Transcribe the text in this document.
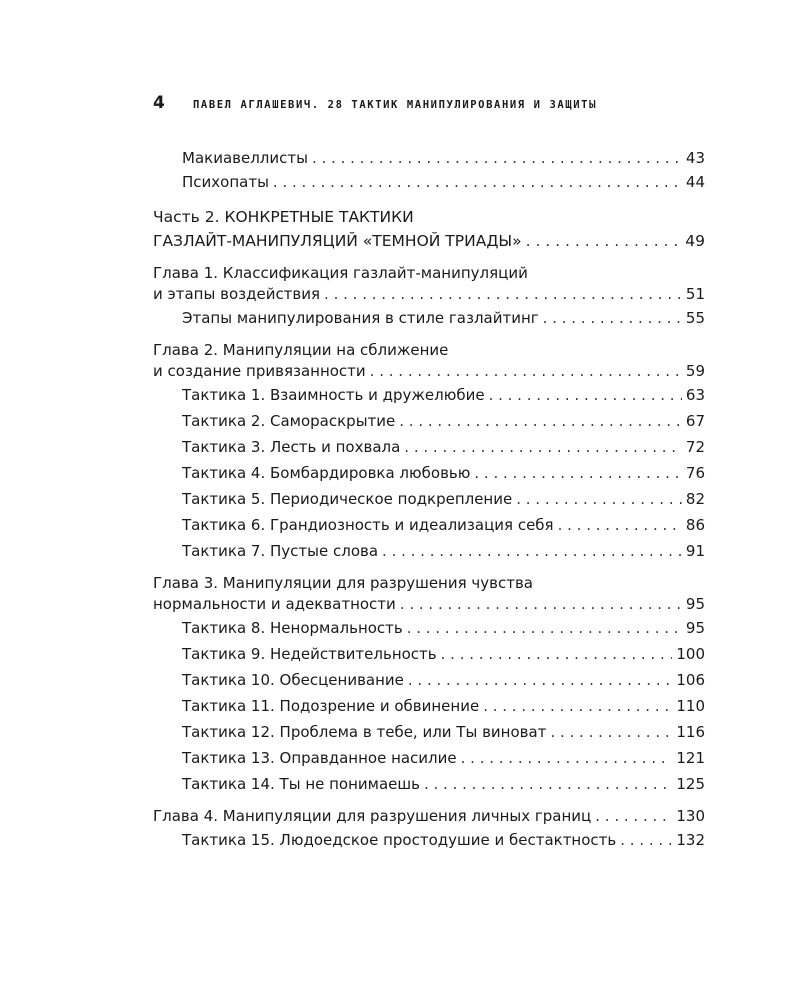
4	ПАВЕЛ АГЛАШЕВИЧ. 28 ТАКТИК МАНИПУЛИРОВАНИЯ И ЗАЩИТЫ
Макиавеллисты . . .	43
Психопаты . . .	44
Часть 2. КОНКРЕТНЫЕ ТАКТИКИ
ГАЗЛАЙТ-МАНИПУЛЯЦИЙ «ТЕМНОЙ ТРИАДЫ» . . .	49
Глава 1. Классификация газлайт-манипуляций
и этапы воздействия . . .	51
Этапы манипулирования в стиле газлайтинг . . .	55
Глава 2. Манипуляции на сближение
и создание привязанности . . .	59
Тактика 1. Взаимность и дружелюбие . . .	63
Тактика 2. Самораскрытие . . .	67
Тактика 3. Лесть и похвала . . .	72
Тактика 4. Бомбардировка любовью . . .	76
Тактика 5. Периодическое подкрепление . . .	82
Тактика 6. Грандиозность и идеализация себя . . .	86
Тактика 7. Пустые слова . . .	91
Глава 3. Манипуляции для разрушения чувства
нормальности и адекватности . . .	95
Тактика 8. Ненормальность . . .	95
Тактика 9. Недействительность . . .	100
Тактика 10. Обесценивание . . .	106
Тактика 11. Подозрение и обвинение . . .	110
Тактика 12. Проблема в тебе, или Ты виноват . . .	116
Тактика 13. Оправданное насилие . . .	121
Тактика 14. Ты не понимаешь . . .	125
Глава 4. Манипуляции для разрушения личных границ . . .	130
Тактика 15. Людоедское простодушие и бестактность . . .	132
